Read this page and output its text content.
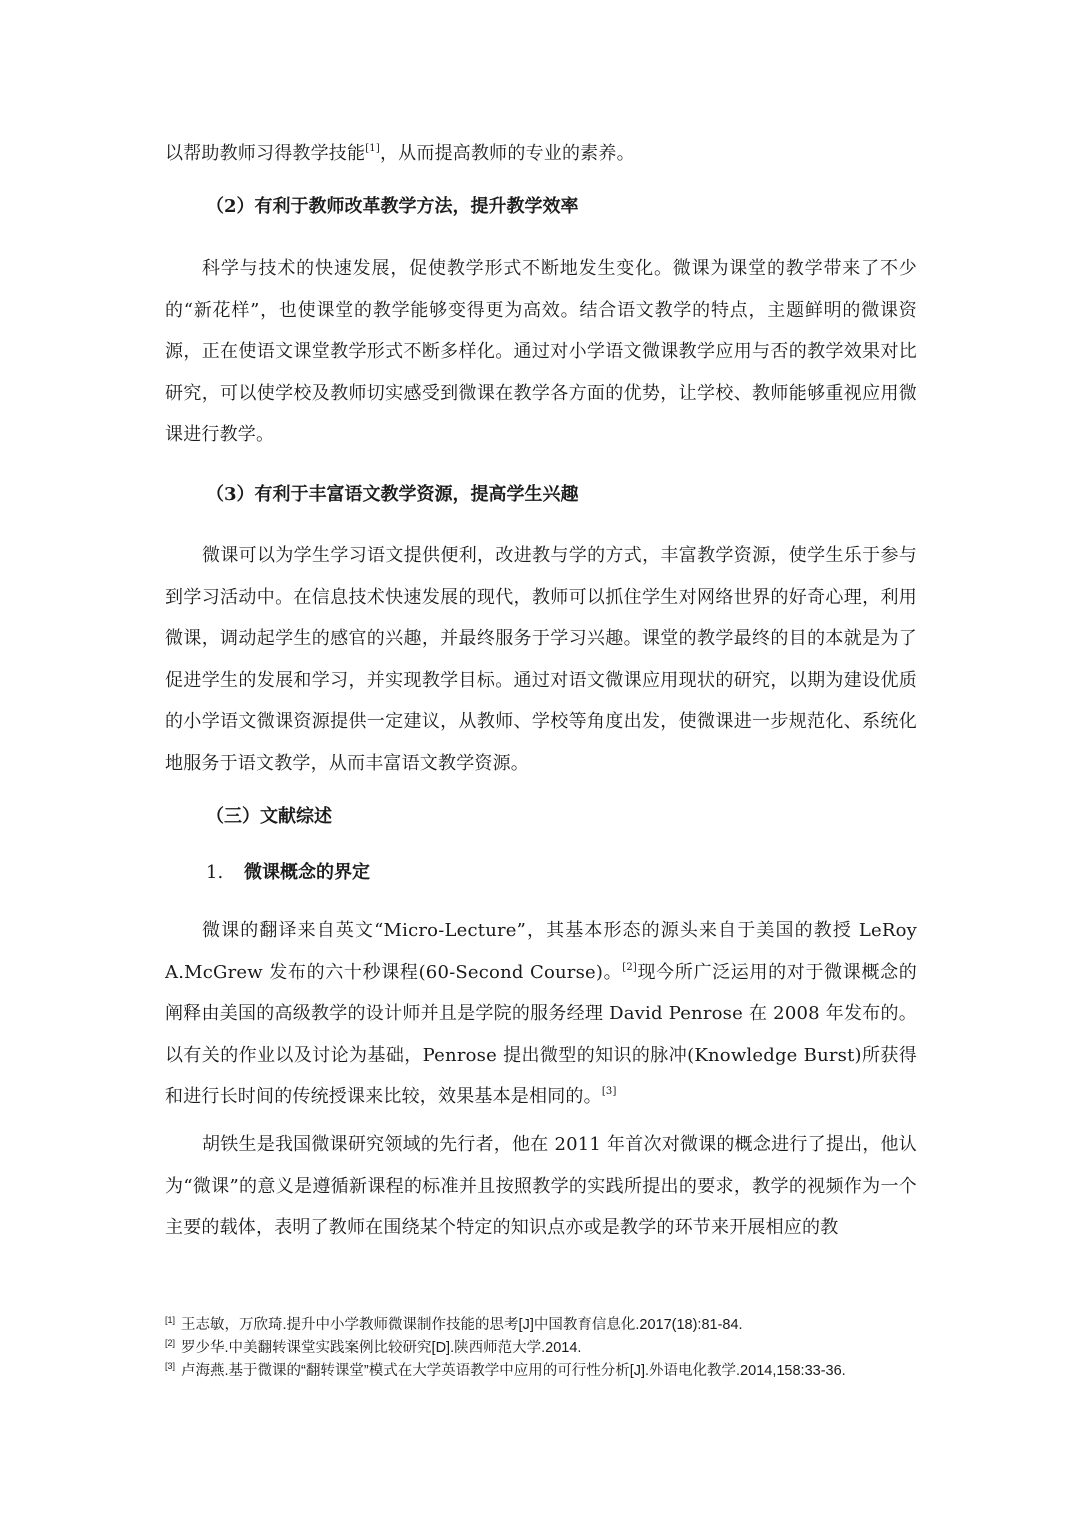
以帮助教师习得教学技能[1]，从而提高教师的专业的素养。

（2）有利于教师改革教学方法，提升教学效率

科学与技术的快速发展，促使教学形式不断地发生变化。微课为课堂的教学带来了不少的“新花样”，也使课堂的教学能够变得更为高效。结合语文教学的特点，主题鲜明的微课资源，正在使语文课堂教学形式不断多样化。通过对小学语文微课教学应用与否的教学效果对比研究，可以使学校及教师切实感受到微课在教学各方面的优势，让学校、教师能够重视应用微课进行教学。

（3）有利于丰富语文教学资源，提高学生兴趣

微课可以为学生学习语文提供便利，改进教与学的方式，丰富教学资源，使学生乐于参与到学习活动中。在信息技术快速发展的现代，教师可以抓住学生对网络世界的好奇心理，利用微课，调动起学生的感官的兴趣，并最终服务于学习兴趣。课堂的教学最终的目的本就是为了促进学生的发展和学习，并实现教学目标。通过对语文微课应用现状的研究，以期为建设优质的小学语文微课资源提供一定建议，从教师、学校等角度出发，使微课进一步规范化、系统化地服务于语文教学，从而丰富语文教学资源。

（三）文献综述

1. 微课概念的界定

微课的翻译来自英文“Micro-Lecture”，其基本形态的源头来自于美国的教授 LeRoy A.McGrew 发布的六十秒课程(60-Second Course)。[2]现今所广泛运用的对于微课概念的阐释由美国的高级教学的设计师并且是学院的服务经理 David Penrose 在 2008 年发布的。以有关的作业以及讨论为基础，Penrose 提出微型的知识的脉冲(Knowledge Burst)所获得和进行长时间的传统授课来比较，效果基本是相同的。[3]

胡铁生是我国微课研究领域的先行者，他在 2011 年首次对微课的概念进行了提出，他认为“微课”的意义是遵循新课程的标准并且按照教学的实践所提出的要求，教学的视频作为一个主要的载体，表明了教师在围绕某个特定的知识点亦或是教学的环节来开展相应的教

[1] 王志敏，万欣琦.提升中小学教师微课制作技能的思考[J]中国教育信息化.2017(18):81-84.

[2] 罗少华.中美翻转课堂实践案例比较研究[D].陕西师范大学.2014.

[3] 卢海燕.基于微课的“翻转课堂”模式在大学英语教学中应用的可行性分析[J].外语电化教学.2014,158:33-36.
